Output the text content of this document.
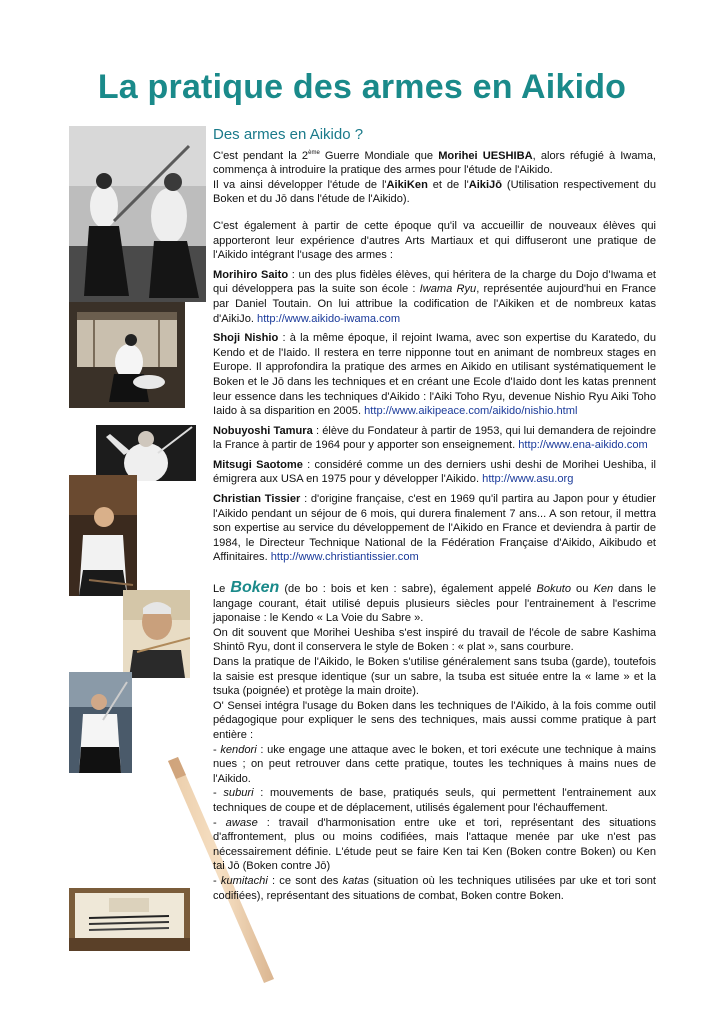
La pratique des armes en Aikido
Des armes en Aikido ?

C'est pendant la 2ème Guerre Mondiale que Morihei UESHIBA, alors réfugié à Iwama, commença à introduire la pratique des armes pour l'étude de l'Aikido.
Il va ainsi développer l'étude de l'AikiKen et de l'AikiJō (Utilisation respectivement du Boken et du Jō dans l'étude de l'Aikido).

C'est également à partir de cette époque qu'il va accueillir de nouveaux élèves qui apporteront leur expérience d'autres Arts Martiaux et qui diffuseront une pratique de l'Aikido intégrant l'usage des armes :

Morihiro Saito : un des plus fidèles élèves, qui héritera de la charge du Dojo d'Iwama et qui développera pas la suite son école : Iwama Ryu, représentée aujourd'hui en France par Daniel Toutain. On lui attribue la codification de l'Aikiken et de nombreux katas d'AikiJo. http://www.aikido-iwama.com

Shoji Nishio : à la même époque, il rejoint Iwama, avec son expertise du Karatedo, du Kendo et de l'Iaido. Il restera en terre nipponne tout en animant de nombreux stages en Europe. Il approfondira la pratique des armes en Aikido en utilisant systématiquement le Boken et le Jō dans les techniques et en créant une Ecole d'Iaido dont les katas prennent leur essence dans les techniques d'Aikido : l'Aiki Toho Ryu, devenue Nishio Ryu Aiki Toho Iaido à sa disparition en 2005. http://www.aikipeace.com/aikido/nishio.html

Nobuyoshi Tamura : élève du Fondateur à partir de 1953, qui lui demandera de rejoindre la France à partir de 1964 pour y apporter son enseignement. http://www.ena-aikido.com

Mitsugi Saotome : considéré comme un des derniers ushi deshi de Morihei Ueshiba, il émigrera aux USA en 1975 pour y développer l'Aikido. http://www.asu.org

Christian Tissier : d'origine française, c'est en 1969 qu'il partira au Japon pour y étudier l'Aikido pendant un séjour de 6 mois, qui durera finalement 7 ans... A son retour, il mettra son expertise au service du développement de l'Aikido en France et deviendra à partir de 1984, le Directeur Technique National de la Fédération Française d'Aikido, Aikibudo et Affinitaires. http://www.christiantissier.com

Le Boken (de bo : bois et ken : sabre), également appelé Bokuto ou Ken dans le langage courant, était utilisé depuis plusieurs siècles pour l'entrainement à l'escrime japonaise : le Kendo « La Voie du Sabre ».

On dit souvent que Morihei Ueshiba s'est inspiré du travail de l'école de sabre Kashima Shintō Ryu, dont il conservera le style de Boken : « plat », sans courbure.

Dans la pratique de l'Aikido, le Boken s'utilise généralement sans tsuba (garde), toutefois la saisie est presque identique (sur un sabre, la tsuba est située entre la « lame » et la tsuka (poignée) et protège la main droite).

O' Sensei intégra l'usage du Boken dans les techniques de l'Aikido, à la fois comme outil pédagogique pour expliquer le sens des techniques, mais aussi comme pratique à part entière :

- kendori : uke engage une attaque avec le boken, et tori exécute une technique à mains nues ; on peut retrouver dans cette pratique, toutes les techniques à mains nues de l'Aikido.

- suburi : mouvements de base, pratiqués seuls, qui permettent l'entrainement aux techniques de coupe et de déplacement, utilisés également pour l'échauffement.

- awase : travail d'harmonisation entre uke et tori, représentant des situations d'affrontement, plus ou moins codifiées, mais l'attaque menée par uke n'est pas nécessairement définie. L'étude peut se faire Ken tai Ken (Boken contre Boken) ou Ken tai Jō (Boken contre Jō)

- kumitachi : ce sont des katas (situation où les techniques utilisées par uke et tori sont codifiées), représentant des situations de combat, Boken contre Boken.
